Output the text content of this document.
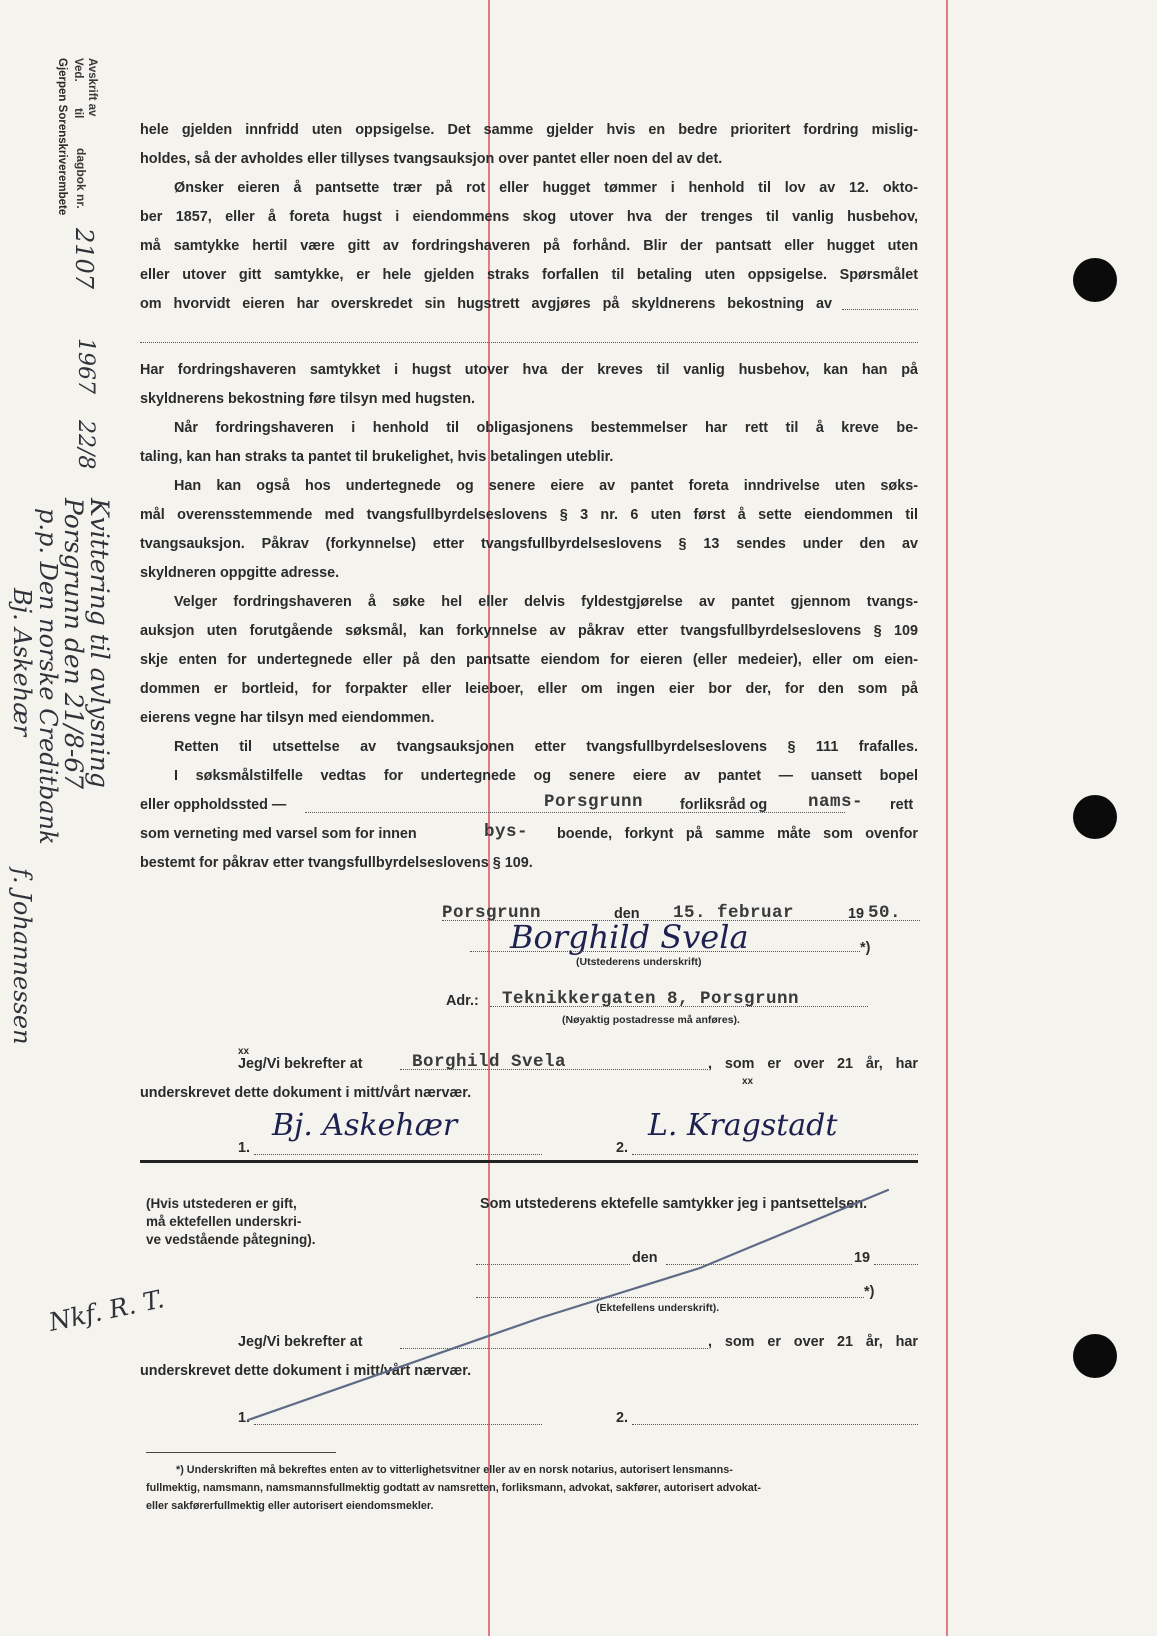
Avskrift av
Ved.  til
Gjerpen Sorenskriverembete dagbok nr.
2107
1967
22/8
Kvittering til avlysning
Porsgrunn den 21/8-67
p.p. Den norske Creditbank
Bj. Askehær
f. Johannessen
Nkf. R. T.
hele gjelden innfridd uten oppsigelse. Det samme gjelder hvis en bedre prioritert fordring mislig-
holdes, så der avholdes eller tillyses tvangsauksjon over pantet eller noen del av det.
Ønsker eieren å pantsette trær på rot eller hugget tømmer i henhold til lov av 12. okto-
ber 1857, eller å foreta hugst i eiendommens skog utover hva der trenges til vanlig husbehov,
må samtykke hertil være gitt av fordringshaveren på forhånd. Blir der pantsatt eller hugget uten
eller utover gitt samtykke, er hele gjelden straks forfallen til betaling uten oppsigelse. Spørsmålet
om hvorvidt eieren har overskredet sin hugstrett avgjøres på skyldnerens bekostning av
Har fordringshaveren samtykket i hugst utover hva der kreves til vanlig husbehov, kan han på
skyldnerens bekostning føre tilsyn med hugsten.
Når fordringshaveren i henhold til obligasjonens bestemmelser har rett til å kreve be-
taling, kan han straks ta pantet til brukelighet, hvis betalingen uteblir.
Han kan også hos undertegnede og senere eiere av pantet foreta inndrivelse uten søks-
mål overensstemmende med tvangsfullbyrdelseslovens § 3 nr. 6 uten først å sette eiendommen til
tvangsauksjon. Påkrav (forkynnelse) etter tvangsfullbyrdelseslovens § 13 sendes under den av
skyldneren oppgitte adresse.
Velger fordringshaveren å søke hel eller delvis fyldestgjørelse av pantet gjennom tvangs-
auksjon uten forutgående søksmål, kan forkynnelse av påkrav etter tvangsfullbyrdelseslovens § 109
skje enten for undertegnede eller på den pantsatte eiendom for eieren (eller medeier), eller om eien-
dommen er bortleid, for forpakter eller leieboer, eller om ingen eier bor der, for den som på
eierens vegne har tilsyn med eiendommen.
Retten til utsettelse av tvangsauksjonen etter tvangsfullbyrdelseslovens § 111 frafalles.
I søksmålstilfelle vedtas for undertegnede og senere eiere av pantet — uansett bopel
eller oppholdssted —	Porsgrunn	forliksråd og nams- rett
som verneting med varsel som for innen	bys- boende, forkynt på samme måte som ovenfor
bestemt for påkrav etter tvangsfullbyrdelseslovens § 109.
Porsgrunn	den 15. februar	19 50.
Borghild Svela	*)
(Utstederens underskrift)
Adr.: Teknikkergaten 8, Porsgrunn
(Nøyaktig postadresse må anføres).
xx
xx
Jeg/Vi bekrefter at	Borghild Svela	, som er over 21 år, har
underskrevet dette dokument i mitt/vårt nærvær.
1.
Bj. Askehær
2.
L. Kragstadt
(Hvis utstederen er gift,
må ektefellen underskri-
ve vedstående påtegning).
Som utstederens ektefelle samtykker jeg i pantsettelsen.
den	19
*)
(Ektefellens underskrift).
Jeg/Vi bekrefter at	, som er over 21 år, har
underskrevet dette dokument i mitt/vårt nærvær.
1.	2.
*) Underskriften må bekreftes enten av to vitterlighetsvitner eller av en norsk notarius, autorisert lensmanns-
fullmektig, namsmann, namsmannsfullmektig godtatt av namsretten, forliksmann, advokat, sakfører, autorisert advokat-
eller sakførerfullmektig eller autorisert eiendomsmekler.
